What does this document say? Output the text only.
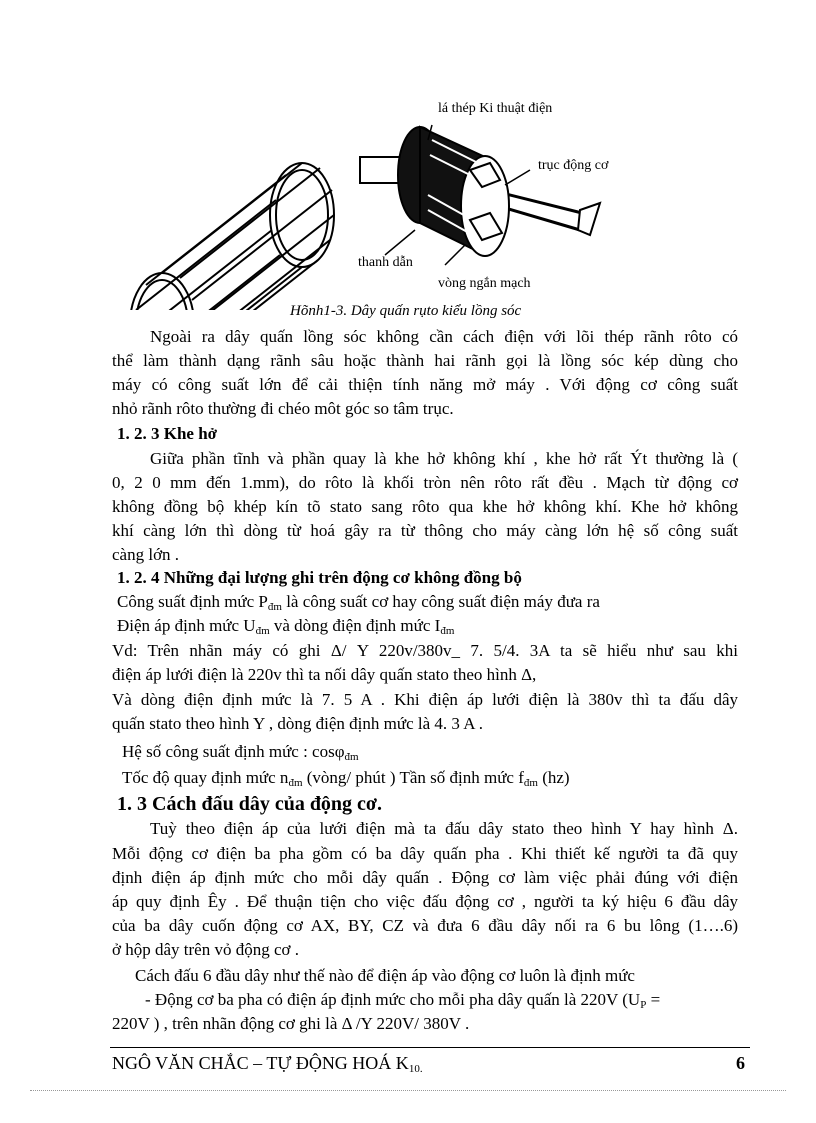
lá thép Ki thuật điện
trục động cơ
thanh dẫn
vòng ngắn mạch
Hõnh1-3. Dây quấn rụto kiểu lồng sóc
Ngoài ra dây quấn lồng sóc không cần cách điện với lõi thép rãnh rôto có
thể làm thành dạng rãnh sâu hoặc thành hai rãnh gọi là lồng sóc kép dùng cho
máy có công suất lớn để cải thiện tính năng mở máy . Với động cơ công suất
nhỏ rãnh rôto thường đi chéo môt góc so tâm trục.
1. 2. 3 Khe hở
Giữa phần tĩnh và phần quay là khe hở không khí , khe hở rất Ýt thường là (
0, 2 0 mm đến 1.mm), do rôto là khối tròn nên rôto rất đều . Mạch từ động cơ
không đồng bộ khép kín tõ stato sang rôto qua khe hở không khí. Khe hở không
khí càng lớn thì dòng từ hoá gây ra từ thông cho máy càng lớn hệ số công suất
càng lớn .
1. 2. 4 Những đại lượng ghi trên động cơ không đồng bộ
Công suất định mức $P_{đm}$ là công suất cơ hay công suất điện máy đưa ra
Điện áp định mức $U_{đm}$ và dòng điện định mức $I_{đm}$
Vd: Trên nhãn máy có ghi Δ/ Y 220v/380v_ 7. 5/4. 3A ta sẽ hiểu như sau khi
điện áp lưới điện là 220v thì ta nối dây quấn stato theo hình Δ,
Và dòng điện định mức là 7. 5 A . Khi điện áp lưới điện là 380v thì ta đấu dây
quấn stato theo hình Y , dòng điện định mức là 4. 3 A .
Hệ số công suất định mức : cosφ$_{đm}$
Tốc độ quay định mức $n_{đm}$ (vòng/ phút ) Tần số định mức $f_{đm}$ (hz)
1. 3 Cách đấu dây của động cơ.
Tuỳ theo điện áp của lưới điện mà ta đấu dây stato theo hình Y hay hình Δ.
Mỗi động cơ điện ba pha gồm có ba dây quấn pha . Khi thiết kế người ta đã quy
định điện áp định mức cho mỗi dây quấn . Động cơ làm việc phải đúng với điện
áp quy định Êy . Để thuận tiện cho việc đấu động cơ , người ta ký hiệu 6 đầu dây
của ba dây cuốn động cơ AX, BY, CZ và đưa 6 đầu dây nối ra 6 bu lông (1….6)
ở hộp dây trên vỏ động cơ .
Cách đấu 6 đầu dây như thế nào để điện áp vào động cơ luôn là định mức
- Động cơ ba pha có điện áp định mức cho mỗi pha dây quấn là 220V ($U_P$ =
220V ) , trên nhãn động cơ ghi là Δ /Y 220V/ 380V .
NGÔ VĂN CHẮC – TỰ ĐỘNG HOÁ $K_{10.}$	6
